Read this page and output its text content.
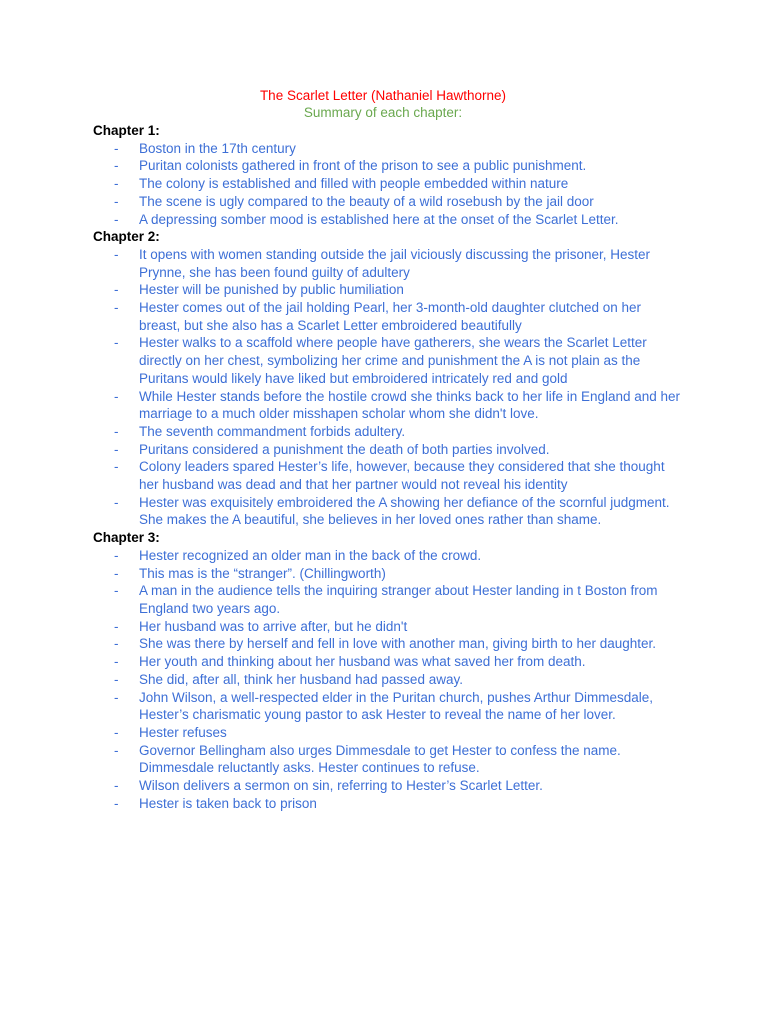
The Scarlet Letter (Nathaniel Hawthorne)
Summary of each chapter:
Chapter 1:
- Boston in the 17th century
- Puritan colonists gathered in front of the prison to see a public punishment.
- The colony is established and filled with people embedded within nature
- The scene is ugly compared to the beauty of a wild rosebush by the jail door
- A depressing somber mood is established here at the onset of the Scarlet Letter.
Chapter 2:
- It opens with women standing outside the jail viciously discussing the prisoner, Hester Prynne, she has been found guilty of adultery
- Hester will be punished by public humiliation
- Hester comes out of the jail holding Pearl, her 3-month-old daughter clutched on her breast, but she also has a Scarlet Letter embroidered beautifully
- Hester walks to a scaffold where people have gatherers, she wears the Scarlet Letter directly on her chest, symbolizing her crime and punishment the A is not plain as the Puritans would likely have liked but embroidered intricately red and gold
- While Hester stands before the hostile crowd she thinks back to her life in England and her marriage to a much older misshapen scholar whom she didn't love.
- The seventh commandment forbids adultery.
- Puritans considered a punishment the death of both parties involved.
- Colony leaders spared Hester’s life, however, because they considered that she thought her husband was dead and that her partner would not reveal his identity
- Hester was exquisitely embroidered the A showing her defiance of the scornful judgment. She makes the A beautiful, she believes in her loved ones rather than shame.
Chapter 3:
- Hester recognized an older man in the back of the crowd.
- This mas is the “stranger”. (Chillingworth)
- A man in the audience tells the inquiring stranger about Hester landing in t Boston from England two years ago.
- Her husband was to arrive after, but he didn't
- She was there by herself and fell in love with another man, giving birth to her daughter.
- Her youth and thinking about her husband was what saved her from death.
- She did, after all, think her husband had passed away.
- John Wilson, a well-respected elder in the Puritan church, pushes Arthur Dimmesdale, Hester’s charismatic young pastor to ask Hester to reveal the name of her lover.
- Hester refuses
- Governor Bellingham also urges Dimmesdale to get Hester to confess the name. Dimmesdale reluctantly asks. Hester continues to refuse.
- Wilson delivers a sermon on sin, referring to Hester’s Scarlet Letter.
- Hester is taken back to prison
